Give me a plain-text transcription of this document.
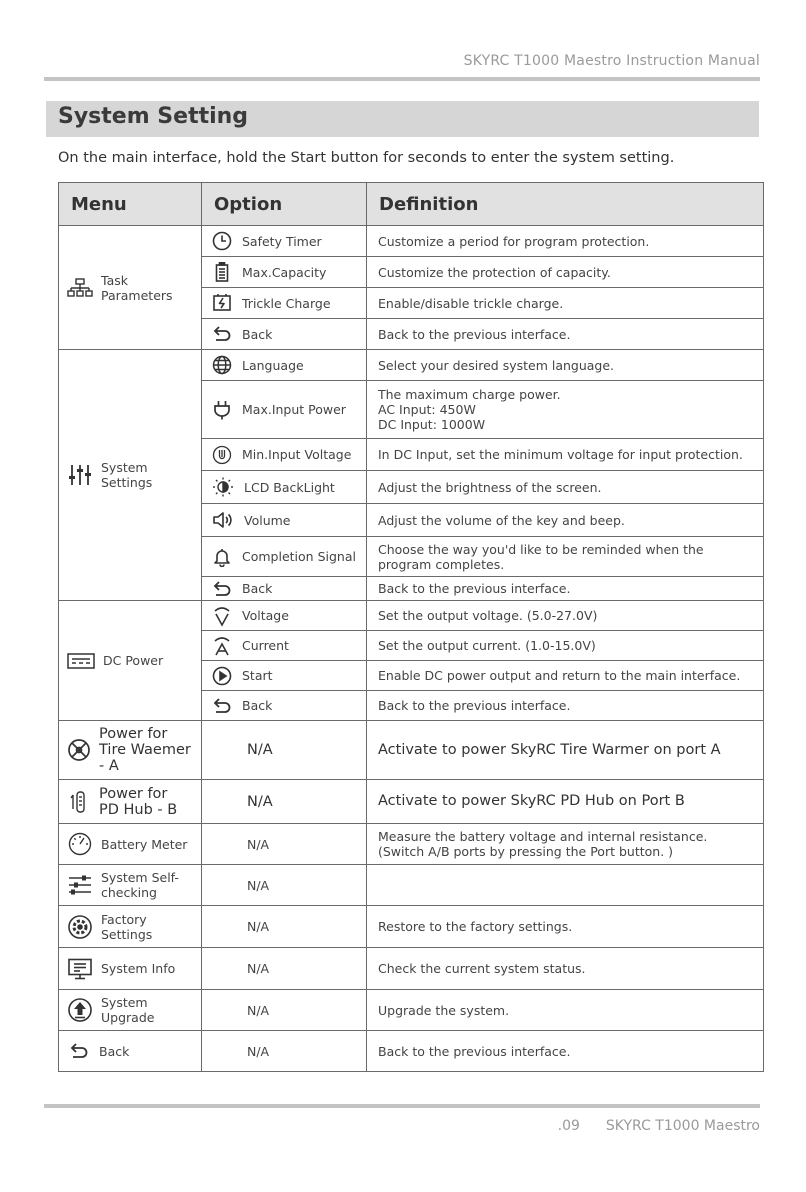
SKYRC T1000 Maestro Instruction Manual
System Setting
On the main interface, hold the Start button for seconds to enter the system setting.
Menu	Option	Definition

Task
Parameters	Safety Timer	Customize a period for program protection.

	Max.Capacity	Customize the protection of capacity.

	Trickle Charge	Enable/disable trickle charge.

	Back	Back to the previous interface.

System
Settings	Language	Select your desired system language.

	Max.Input Power	The maximum charge power.
AC Input: 450W
DC Input: 1000W

	Min.Input Voltage	In DC Input, set the minimum voltage for input protection.

	LCD BackLight	Adjust the brightness of the screen.

	Volume	Adjust the volume of the key and beep.

	Completion Signal	Choose the way you'd like to be reminded when the
program completes.

	Back	Back to the previous interface.

DC Power	Voltage	Set the output voltage. (5.0-27.0V)

	Current	Set the output current. (1.0-15.0V)

	Start	Enable DC power output and return to the main interface.

	Back	Back to the previous interface.

Power for
Tire Waemer
- A	N/A	Activate to power SkyRC Tire Warmer on port A

Power for
PD Hub - B	N/A	Activate to power SkyRC PD Hub on Port B

Battery Meter	N/A	Measure the battery voltage and internal resistance.
(Switch A/B ports by pressing the Port button. )

System Self-
checking	N/A	

Factory
Settings	N/A	Restore to the factory settings.

System Info	N/A	Check the current system status.

System
Upgrade	N/A	Upgrade the system.

Back	N/A	Back to the previous interface.
.09 SKYRC T1000 Maestro
